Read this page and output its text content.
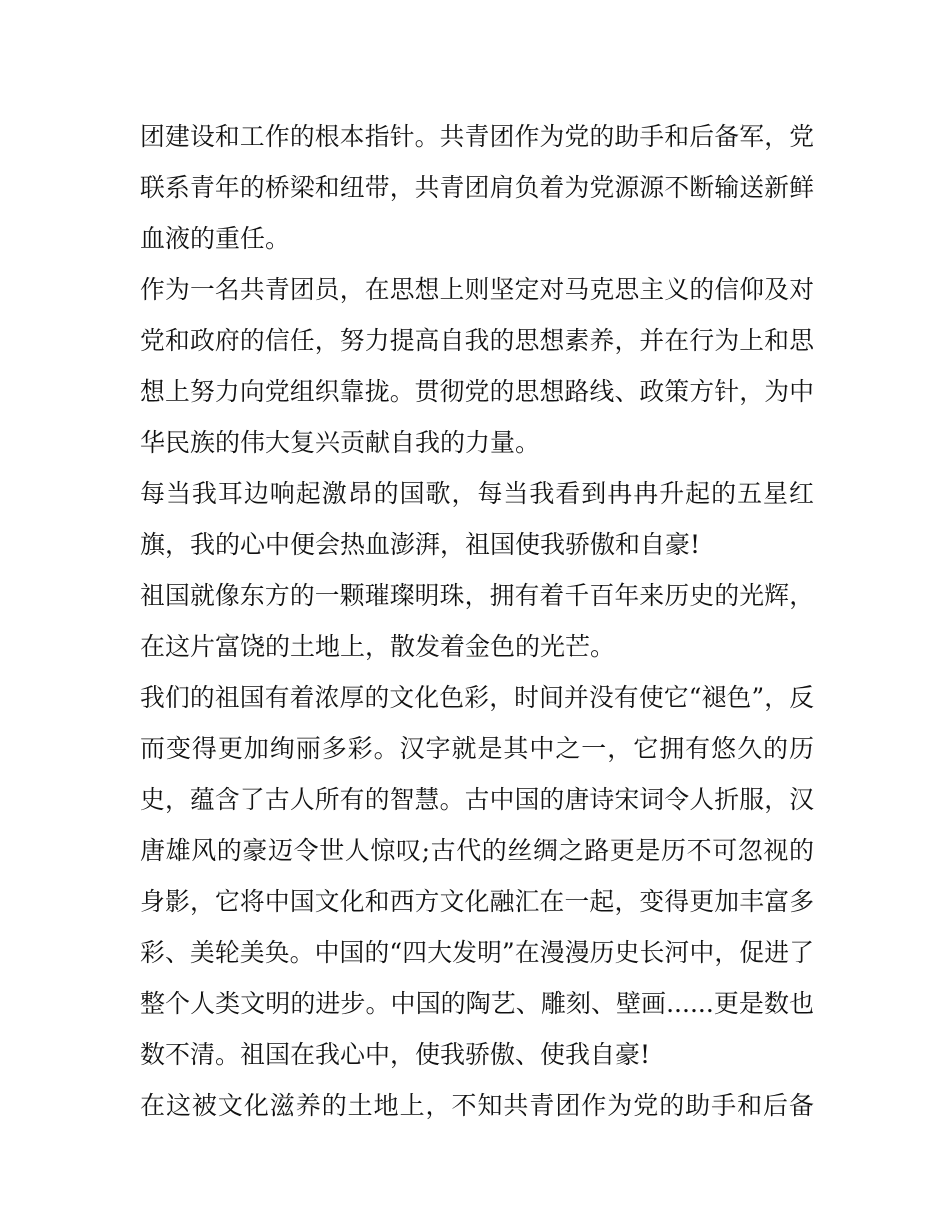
团建设和工作的根本指针。共青团作为党的助手和后备军，党
联系青年的桥梁和纽带，共青团肩负着为党源源不断输送新鲜
血液的重任。
作为一名共青团员，在思想上则坚定对马克思主义的信仰及对
党和政府的信任，努力提高自我的思想素养，并在行为上和思
想上努力向党组织靠拢。贯彻党的思想路线、政策方针，为中
华民族的伟大复兴贡献自我的力量。
每当我耳边响起激昂的国歌，每当我看到冉冉升起的五星红
旗，我的心中便会热血澎湃，祖国使我骄傲和自豪!
祖国就像东方的一颗璀璨明珠，拥有着千百年来历史的光辉，
在这片富饶的土地上，散发着金色的光芒。
我们的祖国有着浓厚的文化色彩，时间并没有使它“褪色”，反
而变得更加绚丽多彩。汉字就是其中之一，它拥有悠久的历
史，蕴含了古人所有的智慧。古中国的唐诗宋词令人折服，汉
唐雄风的豪迈令世人惊叹;古代的丝绸之路更是历不可忽视的
身影，它将中国文化和西方文化融汇在一起，变得更加丰富多
彩、美轮美奂。中国的“四大发明”在漫漫历史长河中，促进了
整个人类文明的进步。中国的陶艺、雕刻、壁画......更是数也
数不清。祖国在我心中，使我骄傲、使我自豪!
在这被文化滋养的土地上，不知共青团作为党的助手和后备
